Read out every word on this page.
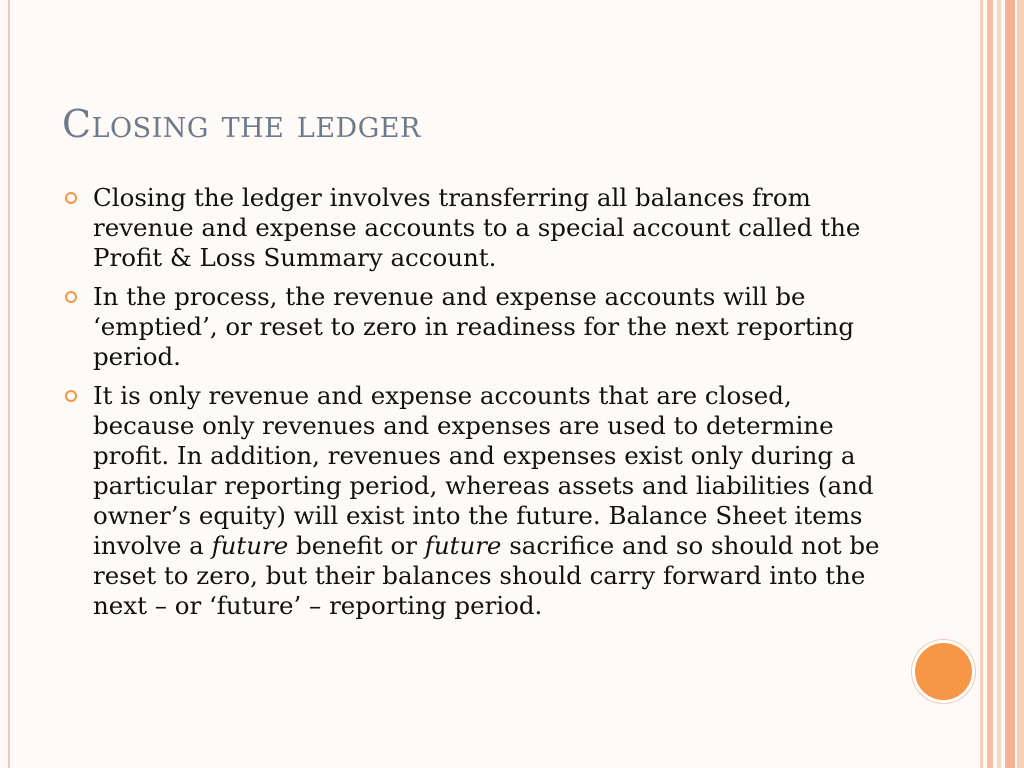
Closing the ledger
Closing the ledger involves transferring all balances from revenue and expense accounts to a special account called the Profit & Loss Summary account.
In the process, the revenue and expense accounts will be ‘emptied’, or reset to zero in readiness for the next reporting period.
It is only revenue and expense accounts that are closed, because only revenues and expenses are used to determine profit. In addition, revenues and expenses exist only during a particular reporting period, whereas assets and liabilities (and owner’s equity) will exist into the future. Balance Sheet items involve a future benefit or future sacrifice and so should not be reset to zero, but their balances should carry forward into the next – or ‘future’ – reporting period.
